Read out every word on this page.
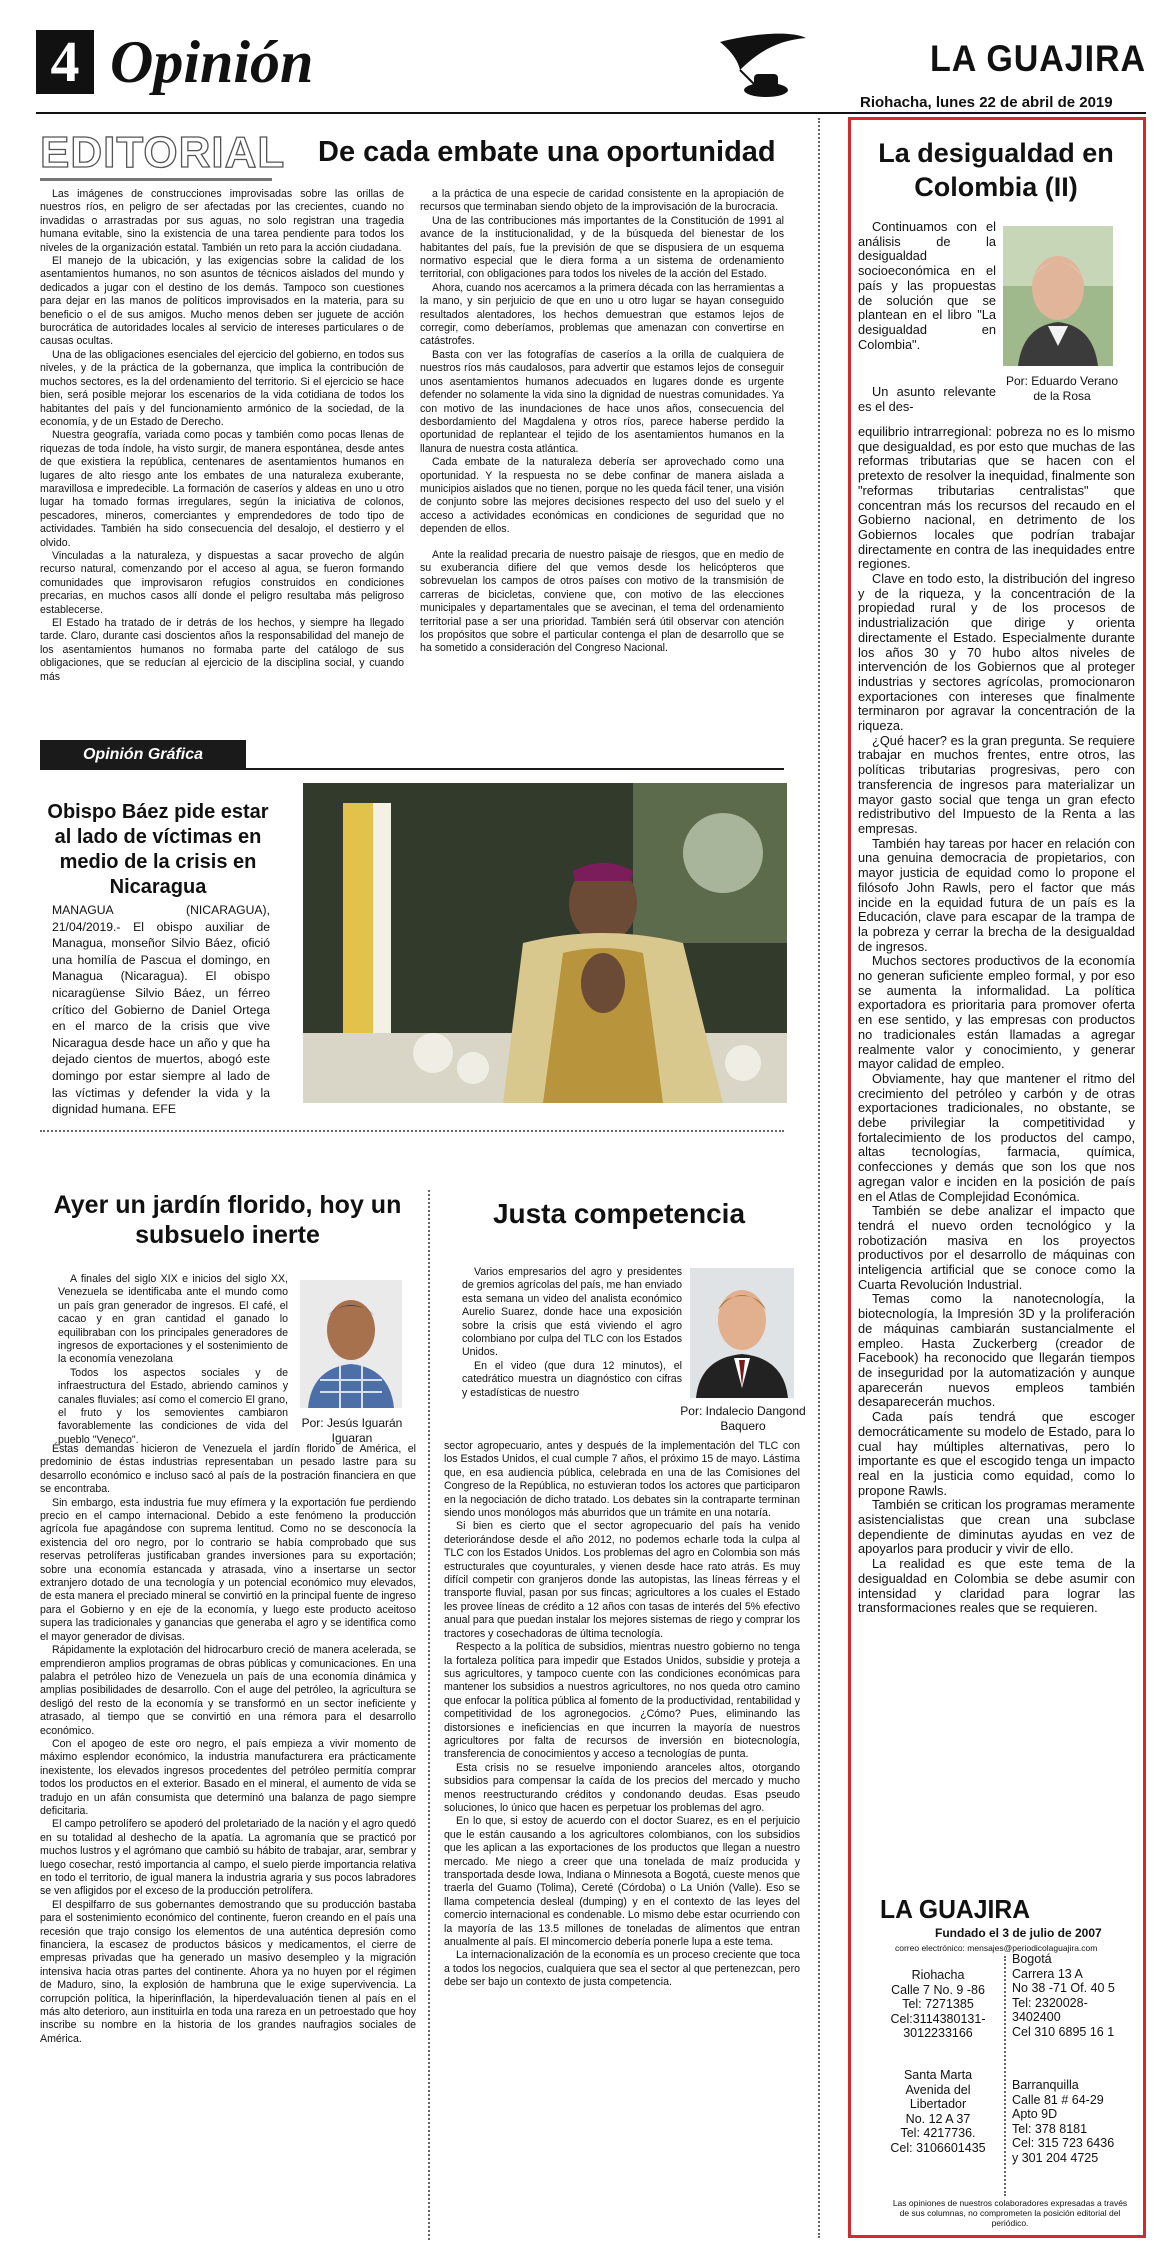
4 Opinión	LA GUAJIRA
Riohacha, lunes 22 de abril de 2019
EDITORIAL De cada embate una oportunidad

Las imágenes de construcciones improvisadas sobre las orillas de nuestros ríos, en peligro de ser afectadas por las crecientes, cuando no invadidas o arrastradas por sus aguas, no solo registran una tragedia humana evitable, sino la existencia de una tarea pendiente para todos los niveles de la organización estatal. También un reto para la acción ciudadana.

El manejo de la ubicación, y las exigencias sobre la calidad de los asentamientos humanos, no son asuntos de técnicos aislados del mundo y dedicados a jugar con el destino de los demás. Tampoco son cuestiones para dejar en las manos de políticos improvisados en la materia, para su beneficio o el de sus amigos. Mucho menos deben ser juguete de acción burocrática de autoridades locales al servicio de intereses particulares o de causas ocultas.

Una de las obligaciones esenciales del ejercicio del gobierno, en todos sus niveles, y de la práctica de la gobernanza, que implica la contribución de muchos sectores, es la del ordenamiento del territorio. Si el ejercicio se hace bien, será posible mejorar los escenarios de la vida cotidiana de todos los habitantes del país y del funcionamiento armónico de la sociedad, de la economía, y de un Estado de Derecho.

Nuestra geografía, variada como pocas y también como pocas llenas de riquezas de toda índole, ha visto surgir, de manera espontánea, desde antes de que existiera la república, centenares de asentamientos humanos en lugares de alto riesgo ante los embates de una naturaleza exuberante, maravillosa e impredecible. La formación de caseríos y aldeas en uno u otro lugar ha tomado formas irregulares, según la iniciativa de colonos, pescadores, mineros, comerciantes y emprendedores de todo tipo de actividades. También ha sido consecuencia del desalojo, el destierro y el olvido.

Vinculadas a la naturaleza, y dispuestas a sacar provecho de algún recurso natural, comenzando por el acceso al agua, se fueron formando comunidades que improvisaron refugios construidos en condiciones precarias, en muchos casos allí donde el peligro resultaba más peligroso establecerse.

El Estado ha tratado de ir detrás de los hechos, y siempre ha llegado tarde. Claro, durante casi doscientos años la responsabilidad del manejo de los asentamientos humanos no formaba parte del catálogo de sus obligaciones, que se reducían al ejercicio de la disciplina social, y cuando más

a la práctica de una especie de caridad consistente en la apropiación de recursos que terminaban siendo objeto de la improvisación de la burocracia.

Una de las contribuciones más importantes de la Constitución de 1991 al avance de la institucionalidad, y de la búsqueda del bienestar de los habitantes del país, fue la previsión de que se dispusiera de un esquema normativo especial que le diera forma a un sistema de ordenamiento territorial, con obligaciones para todos los niveles de la acción del Estado.

Ahora, cuando nos acercamos a la primera década con las herramientas a la mano, y sin perjuicio de que en uno u otro lugar se hayan conseguido resultados alentadores, los hechos demuestran que estamos lejos de corregir, como deberíamos, problemas que amenazan con convertirse en catástrofes.

Basta con ver las fotografías de caseríos a la orilla de cualquiera de nuestros ríos más caudalosos, para advertir que estamos lejos de conseguir unos asentamientos humanos adecuados en lugares donde es urgente defender no solamente la vida sino la dignidad de nuestras comunidades. Ya con motivo de las inundaciones de hace unos años, consecuencia del desbordamiento del Magdalena y otros ríos, parece haberse perdido la oportunidad de replantear el tejido de los asentamientos humanos en la llanura de nuestra costa atlántica.

Cada embate de la naturaleza debería ser aprovechado como una oportunidad. Y la respuesta no se debe confinar de manera aislada a municipios aislados que no tienen, porque no les queda fácil tener, una visión de conjunto sobre las mejores decisiones respecto del uso del suelo y el acceso a actividades económicas en condiciones de seguridad que no dependen de ellos.

Ante la realidad precaria de nuestro paisaje de riesgos, que en medio de su exuberancia difiere del que vemos desde los helicópteros que sobrevuelan los campos de otros países con motivo de la transmisión de carreras de bicicletas, conviene que, con motivo de las elecciones municipales y departamentales que se avecinan, el tema del ordenamiento territorial pase a ser una prioridad. También será útil observar con atención los propósitos que sobre el particular contenga el plan de desarrollo que se ha sometido a consideración del Congreso Nacional.

Opinión Gráfica
Obispo Báez pide estar al lado de víctimas en medio de la crisis en Nicaragua
MANAGUA (NICARAGUA), 21/04/2019.- El obispo auxiliar de Managua, monseñor Silvio Báez, ofició una homilía de Pascua el domingo, en Managua (Nicaragua). El obispo nicaragüense Silvio Báez, un férreo crítico del Gobierno de Daniel Ortega en el marco de la crisis que vive Nicaragua desde hace un año y que ha dejado cientos de muertos, abogó este domingo por estar siempre al lado de las víctimas y defender la vida y la dignidad humana. EFE
La desigualdad en Colombia (II)

Continuamos con el análisis de la desigualdad socioeconómica en el país y las propuestas de solución que se plantean en el libro "La desigualdad en Colombia".

Un asunto relevante es el des-

Por: Eduardo Verano de la Rosa

equilibrio intrarregional: pobreza no es lo mismo que desigualdad, es por esto que muchas de las reformas tributarias que se hacen con el pretexto de resolver la inequidad, finalmente son "reformas tributarias centralistas" que concentran más los recursos del recaudo en el Gobierno nacional, en detrimento de los Gobiernos locales que podrían trabajar directamente en contra de las inequidades entre regiones.

Clave en todo esto, la distribución del ingreso y de la riqueza, y la concentración de la propiedad rural y de los procesos de industrialización que dirige y orienta directamente el Estado. Especialmente durante los años 30 y 70 hubo altos niveles de intervención de los Gobiernos que al proteger industrias y sectores agrícolas, promocionaron exportaciones con intereses que finalmente terminaron por agravar la concentración de la riqueza.

¿Qué hacer? es la gran pregunta. Se requiere trabajar en muchos frentes, entre otros, las políticas tributarias progresivas, pero con transferencia de ingresos para materializar un mayor gasto social que tenga un gran efecto redistributivo del Impuesto de la Renta a las empresas.

También hay tareas por hacer en relación con una genuina democracia de propietarios, con mayor justicia de equidad como lo propone el filósofo John Rawls, pero el factor que más incide en la equidad futura de un país es la Educación, clave para escapar de la trampa de la pobreza y cerrar la brecha de la desigualdad de ingresos.

Muchos sectores productivos de la economía no generan suficiente empleo formal, y por eso se aumenta la informalidad. La política exportadora es prioritaria para promover oferta en ese sentido, y las empresas con productos no tradicionales están llamadas a agregar realmente valor y conocimiento, y generar mayor calidad de empleo.

Obviamente, hay que mantener el ritmo del crecimiento del petróleo y carbón y de otras exportaciones tradicionales, no obstante, se debe privilegiar la competitividad y fortalecimiento de los productos del campo, altas tecnologías, farmacia, química, confecciones y demás que son los que nos agregan valor e inciden en la posición de país en el Atlas de Complejidad Económica.

También se debe analizar el impacto que tendrá el nuevo orden tecnológico y la robotización masiva en los proyectos productivos por el desarrollo de máquinas con inteligencia artificial que se conoce como la Cuarta Revolución Industrial.

Temas como la nanotecnología, la biotecnología, la Impresión 3D y la proliferación de máquinas cambiarán sustancialmente el empleo. Hasta Zuckerberg (creador de Facebook) ha reconocido que llegarán tiempos de inseguridad por la automatización y aunque aparecerán nuevos empleos también desaparecerán muchos.

Cada país tendrá que escoger democráticamente su modelo de Estado, para lo cual hay múltiples alternativas, pero lo importante es que el escogido tenga un impacto real en la justicia como equidad, como lo propone Rawls.

También se critican los programas meramente asistencialistas que crean una subclase dependiente de diminutas ayudas en vez de apoyarlos para producir y vivir de ello.

La realidad es que este tema de la desigualdad en Colombia se debe asumir con intensidad y claridad para lograr las transformaciones reales que se requieren.

Ayer un jardín florido, hoy un subsuelo inerte

A finales del siglo XIX e inicios del siglo XX, Venezuela se identificaba ante el mundo como un país gran generador de ingresos. El café, el cacao y en gran cantidad el ganado lo equilibraban con los principales generadores de ingresos de exportaciones y el sostenimiento de la economía venezolana

Todos los aspectos sociales y de infraestructura del Estado, abriendo caminos y canales fluviales; así como el comercio El grano, el fruto y los semovientes cambiaron favorablemente las condiciones de vida del pueblo "Veneco".

Por: Jesús Iguarán Iguaran

Éstas demandas hicieron de Venezuela el jardín florido de América, el predominio de éstas industrias representaban un pesado lastre para su desarrollo económico e incluso sacó al país de la postración financiera en que se encontraba.

Sin embargo, esta industria fue muy efímera y la exportación fue perdiendo precio en el campo internacional. Debido a este fenómeno la producción agrícola fue apagándose con suprema lentitud. Como no se desconocía la existencia del oro negro, por lo contrario se había comprobado que sus reservas petrolíferas justificaban grandes inversiones para su exportación; sobre una economía estancada y atrasada, vino a insertarse un sector extranjero dotado de una tecnología y un potencial económico muy elevados, de esta manera el preciado mineral se convirtió en la principal fuente de ingreso para el Gobierno y en eje de la economía, y luego este producto aceitoso supera las tradicionales y ganancias que generaba el agro y se identifica como el mayor generador de divisas.

Rápidamente la explotación del hidrocarburo creció de manera acelerada, se emprendieron amplios programas de obras públicas y comunicaciones. En una palabra el petróleo hizo de Venezuela un país de una economía dinámica y amplias posibilidades de desarrollo. Con el auge del petróleo, la agricultura se desligó del resto de la economía y se transformó en un sector ineficiente y atrasado, al tiempo que se convirtió en una rémora para el desarrollo económico.

Con el apogeo de este oro negro, el país empieza a vivir momento de máximo esplendor económico, la industria manufacturera era prácticamente inexistente, los elevados ingresos procedentes del petróleo permitía comprar todos los productos en el exterior. Basado en el mineral, el aumento de vida se tradujo en un afán consumista que determinó una balanza de pago siempre deficitaria.

El campo petrolífero se apoderó del proletariado de la nación y el agro quedó en su totalidad al deshecho de la apatía. La agromanía que se practicó por muchos lustros y el agrómano que cambió su hábito de trabajar, arar, sembrar y luego cosechar, restó importancia al campo, el suelo pierde importancia relativa en todo el territorio, de igual manera la industria agraria y sus pocos labradores se ven afligidos por el exceso de la producción petrolífera.

El despilfarro de sus gobernantes demostrando que su producción bastaba para el sostenimiento económico del continente, fueron creando en el país una recesión que trajo consigo los elementos de una auténtica depresión como financiera, la escasez de productos básicos y medicamentos, el cierre de empresas privadas que ha generado un masivo desempleo y la migración intensiva hacia otras partes del continente. Ahora ya no huyen por el régimen de Maduro, sino, la explosión de hambruna que le exige supervivencia. La corrupción política, la hiperinflación, la hiperdevaluación tienen al país en el más alto deterioro, aun instituirla en toda una rareza en un petroestado que hoy inscribe su nombre en la historia de los grandes naufragios sociales de América.

Justa competencia

Varios empresarios del agro y presidentes de gremios agrícolas del país, me han enviado esta semana un video del analista económico Aurelio Suarez, donde hace una exposición sobre la crisis que está viviendo el agro colombiano por culpa del TLC con los Estados Unidos.

En el video (que dura 12 minutos), el catedrático muestra un diagnóstico con cifras y estadísticas de nuestro

Por: Indalecio Dangond Baquero

sector agropecuario, antes y después de la implementación del TLC con los Estados Unidos, el cual cumple 7 años, el próximo 15 de mayo. Lástima que, en esa audiencia pública, celebrada en una de las Comisiones del Congreso de la República, no estuvieran todos los actores que participaron en la negociación de dicho tratado. Los debates sin la contraparte terminan siendo unos monólogos más aburridos que un trámite en una notaría.

Si bien es cierto que el sector agropecuario del país ha venido deteriorándose desde el año 2012, no podemos echarle toda la culpa al TLC con los Estados Unidos. Los problemas del agro en Colombia son más estructurales que coyunturales, y vienen desde hace rato atrás. Es muy difícil competir con granjeros donde las autopistas, las líneas férreas y el transporte fluvial, pasan por sus fincas; agricultores a los cuales el Estado les provee líneas de crédito a 12 años con tasas de interés del 5% efectivo anual para que puedan instalar los mejores sistemas de riego y comprar los tractores y cosechadoras de última tecnología.

Respecto a la política de subsidios, mientras nuestro gobierno no tenga la fortaleza política para impedir que Estados Unidos, subsidie y proteja a sus agricultores, y tampoco cuente con las condiciones económicas para mantener los subsidios a nuestros agricultores, no nos queda otro camino que enfocar la política pública al fomento de la productividad, rentabilidad y competitividad de los agronegocios. ¿Cómo? Pues, eliminando las distorsiones e ineficiencias en que incurren la mayoría de nuestros agricultores por falta de recursos de inversión en biotecnología, transferencia de conocimientos y acceso a tecnologías de punta.

Esta crisis no se resuelve imponiendo aranceles altos, otorgando subsidios para compensar la caída de los precios del mercado y mucho menos reestructurando créditos y condonando deudas. Esas pseudo soluciones, lo único que hacen es perpetuar los problemas del agro.

En lo que, si estoy de acuerdo con el doctor Suarez, es en el perjuicio que le están causando a los agricultores colombianos, con los subsidios que les aplican a las exportaciones de los productos que llegan a nuestro mercado. Me niego a creer que una tonelada de maíz producida y transportada desde Iowa, Indiana o Minnesota a Bogotá, cueste menos que traerla del Guamo (Tolima), Cereté (Córdoba) o La Unión (Valle). Eso se llama competencia desleal (dumping) y en el contexto de las leyes del comercio internacional es condenable. Lo mismo debe estar ocurriendo con la mayoría de las 13.5 millones de toneladas de alimentos que entran anualmente al país. El mincomercio debería ponerle lupa a este tema.

La internacionalización de la economía es un proceso creciente que toca a todos los negocios, cualquiera que sea el sector al que pertenezcan, pero debe ser bajo un contexto de justa competencia.

LA GUAJIRA
Fundado el 3 de julio de 2007
correo electrónico: mensajes@periodicolaguajira.com
Riohacha
Calle 7 No. 9 -86
Tel: 7271385
Cel:3114380131-
3012233166
Santa Marta
Avenida del
Libertador
No. 12 A 37
Tel: 4217736.
Cel: 3106601435
Bogotá
Carrera 13 A
No 38 -71 Of. 40 5
Tel: 2320028-
3402400
Cel 310 6895 16 1
Barranquilla
Calle 81 # 64-29
Apto 9D
Tel: 378 8181
Cel: 315 723 6436
y 301 204 4725
Las opiniones de nuestros colaboradores expresadas a través de sus columnas, no comprometen la posición editorial del periódico.
